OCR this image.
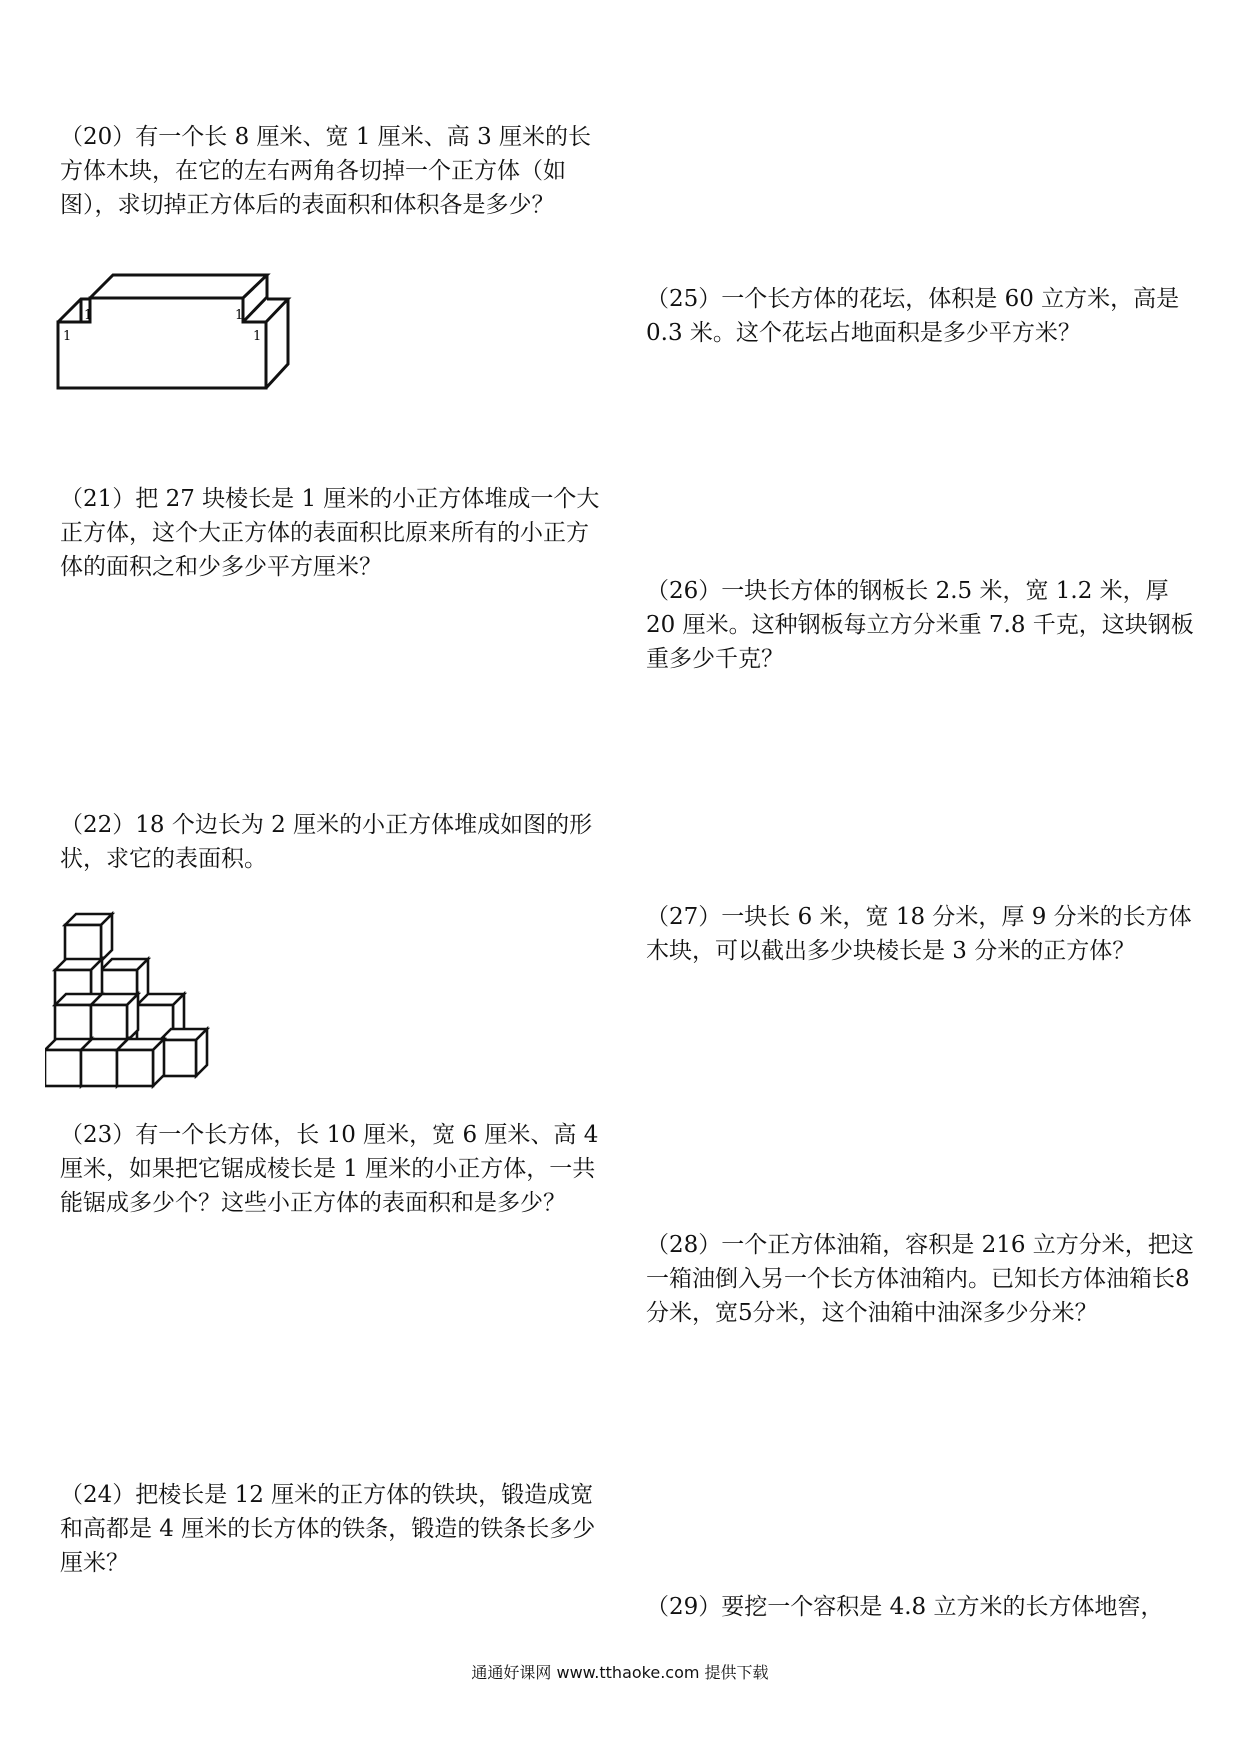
（20）有一个长 8 厘米、宽 1 厘米、高 3 厘米的长方体木块，在它的左右两角各切掉一个正方体（如图），求切掉正方体后的表面积和体积各是多少？

1
1
1
1

（21）把 27 块棱长是 1 厘米的小正方体堆成一个大正方体，这个大正方体的表面积比原来所有的小正方体的面积之和少多少平方厘米？

（22）18 个边长为 2 厘米的小正方体堆成如图的形状，求它的表面积。

（23）有一个长方体，长 10 厘米，宽 6 厘米、高 4 厘米，如果把它锯成棱长是 1 厘米的小正方体，一共能锯成多少个？这些小正方体的表面积和是多少？

（24）把棱长是 12 厘米的正方体的铁块，锻造成宽和高都是 4 厘米的长方体的铁条，锻造的铁条长多少厘米？

（25）一个长方体的花坛，体积是 60 立方米，高是 0.3 米。这个花坛占地面积是多少平方米？

（26）一块长方体的钢板长 2.5 米，宽 1.2 米，厚 20 厘米。这种钢板每立方分米重 7.8 千克，这块钢板重多少千克？

（27）一块长 6 米，宽 18 分米，厚 9 分米的长方体木块，可以截出多少块棱长是 3 分米的正方体？

（28）一个正方体油箱，容积是 216 立方分米，把这一箱油倒入另一个长方体油箱内。已知长方体油箱长8分米，宽5分米，这个油箱中油深多少分米？

（29）要挖一个容积是 4.8 立方米的长方体地窖，

通通好课网 www.tthaoke.com 提供下载
